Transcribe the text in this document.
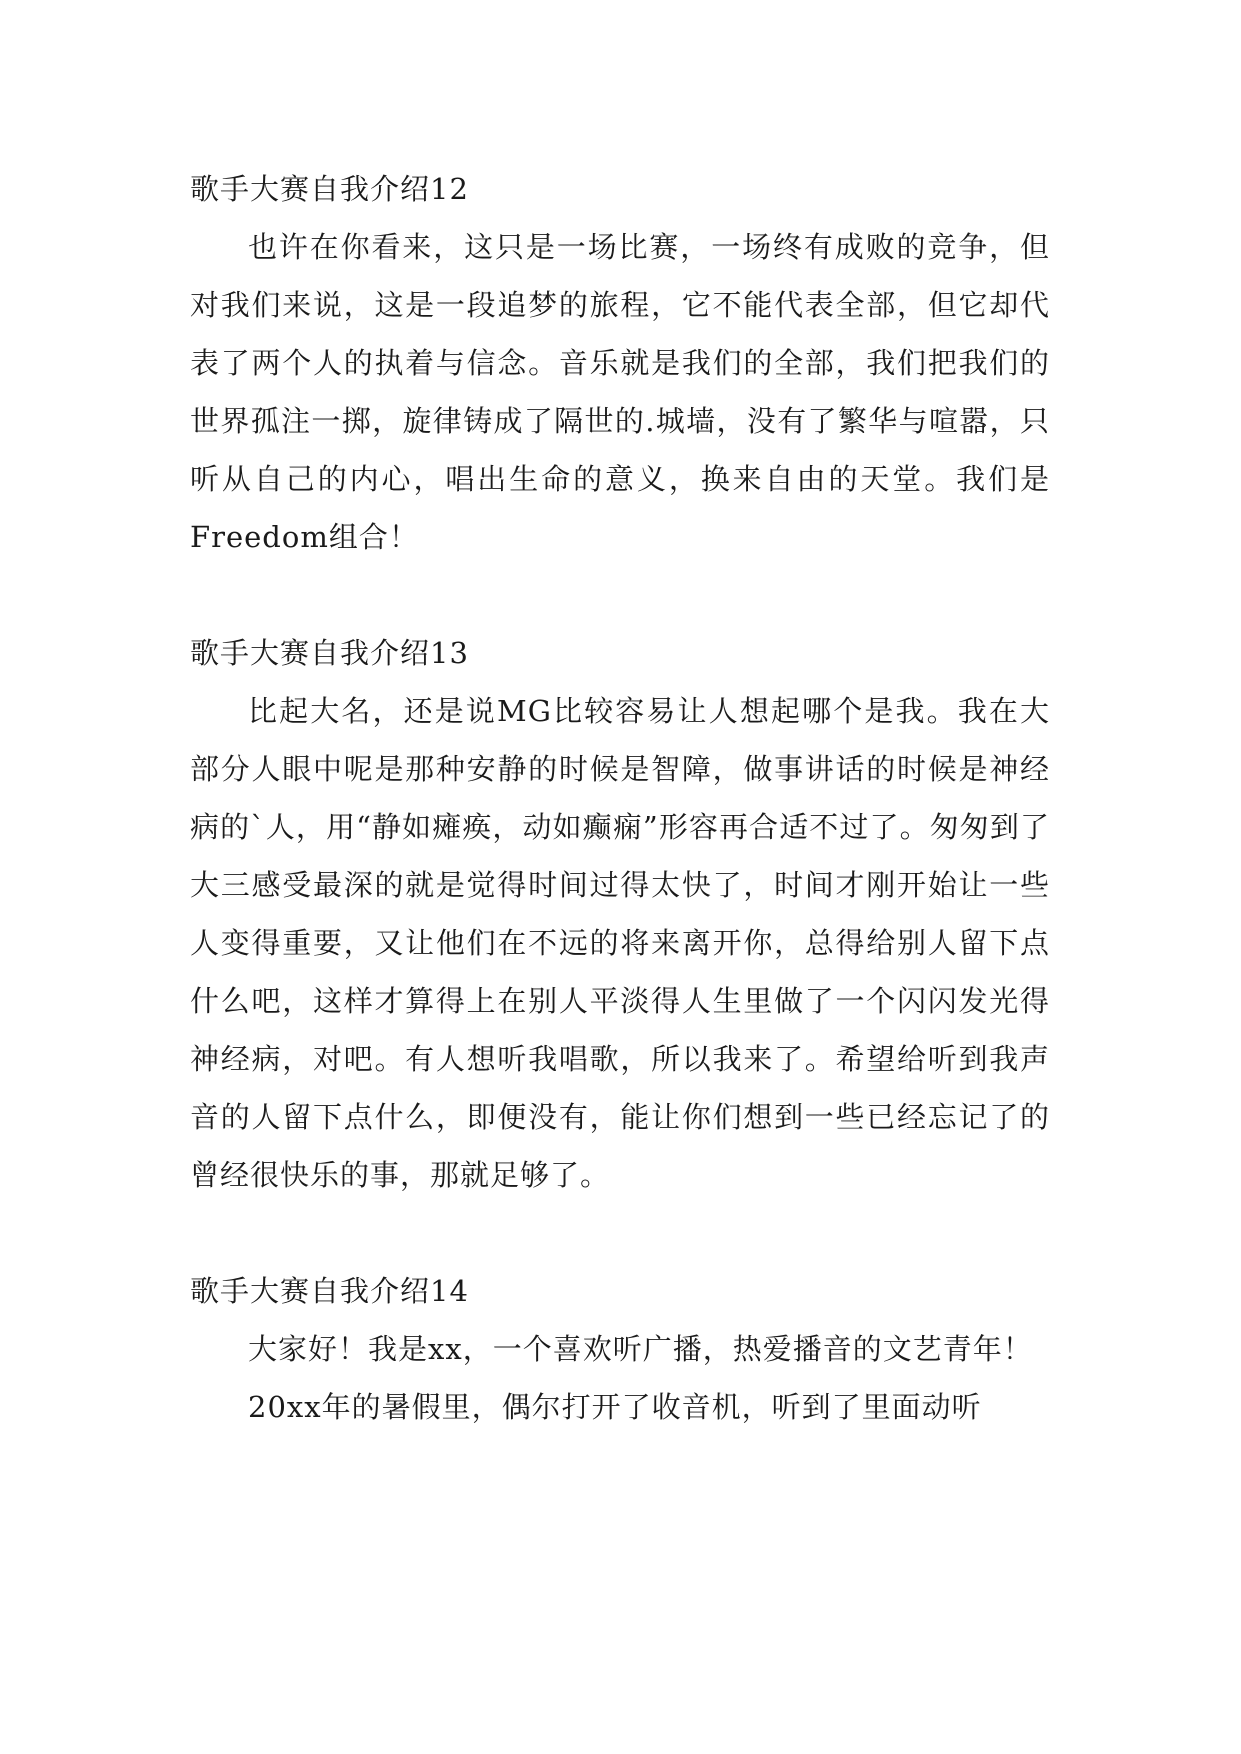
歌手大赛自我介绍12

也许在你看来，这只是一场比赛，一场终有成败的竞争，但对我们来说，这是一段追梦的旅程，它不能代表全部，但它却代表了两个人的执着与信念。音乐就是我们的全部，我们把我们的世界孤注一掷，旋律铸成了隔世的.城墙，没有了繁华与喧嚣，只听从自己的内心，唱出生命的意义，换来自由的天堂。我们是Freedom组合！

歌手大赛自我介绍13

比起大名，还是说MG比较容易让人想起哪个是我。我在大部分人眼中呢是那种安静的时候是智障，做事讲话的时候是神经病的`人，用“静如瘫痪，动如癫痫”形容再合适不过了。匆匆到了大三感受最深的就是觉得时间过得太快了，时间才刚开始让一些人变得重要，又让他们在不远的将来离开你，总得给别人留下点什么吧，这样才算得上在别人平淡得人生里做了一个闪闪发光得神经病，对吧。有人想听我唱歌，所以我来了。希望给听到我声音的人留下点什么，即便没有，能让你们想到一些已经忘记了的曾经很快乐的事，那就足够了。

歌手大赛自我介绍14

大家好！我是xx，一个喜欢听广播，热爱播音的文艺青年！

20xx年的暑假里，偶尔打开了收音机，听到了里面动听
